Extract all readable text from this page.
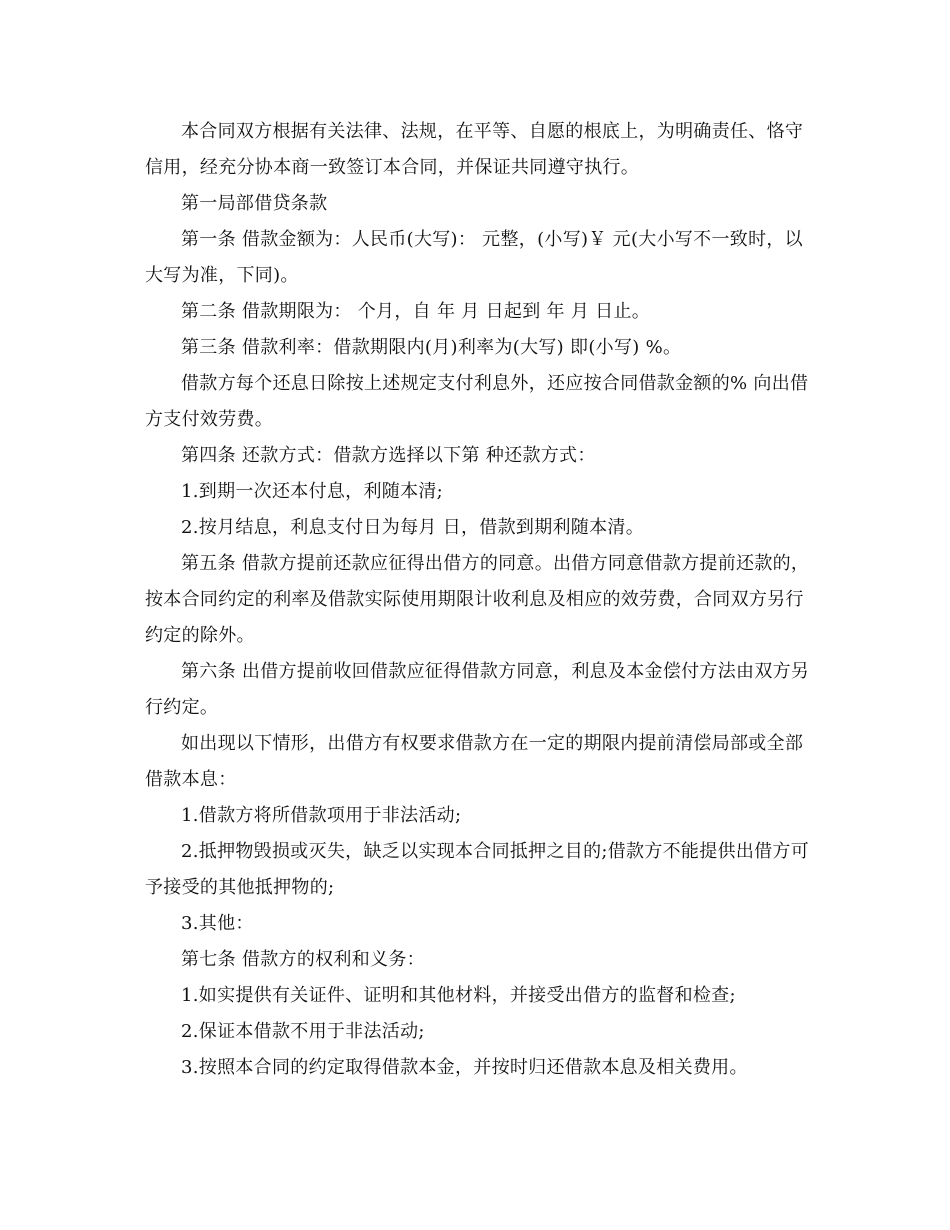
本合同双方根据有关法律、法规，在平等、自愿的根底上，为明确责任、恪守信用，经充分协本商一致签订本合同，并保证共同遵守执行。

第一局部借贷条款

第一条 借款金额为：人民币(大写)： 元整，(小写)￥ 元(大小写不一致时，以大写为准，下同)。

第二条 借款期限为： 个月，自 年 月 日起到 年 月 日止。

第三条 借款利率：借款期限内(月)利率为(大写) 即(小写) %。

借款方每个还息日除按上述规定支付利息外，还应按合同借款金额的% 向出借方支付效劳费。

第四条 还款方式：借款方选择以下第 种还款方式：

1.到期一次还本付息，利随本清;

2.按月结息，利息支付日为每月 日，借款到期利随本清。

第五条 借款方提前还款应征得出借方的同意。出借方同意借款方提前还款的，按本合同约定的利率及借款实际使用期限计收利息及相应的效劳费，合同双方另行约定的除外。

第六条 出借方提前收回借款应征得借款方同意，利息及本金偿付方法由双方另行约定。

如出现以下情形，出借方有权要求借款方在一定的期限内提前清偿局部或全部借款本息：

1.借款方将所借款项用于非法活动;

2.抵押物毁损或灭失，缺乏以实现本合同抵押之目的;借款方不能提供出借方可予接受的其他抵押物的;

3.其他：

第七条 借款方的权利和义务：

1.如实提供有关证件、证明和其他材料，并接受出借方的监督和检查;

2.保证本借款不用于非法活动;

3.按照本合同的约定取得借款本金，并按时归还借款本息及相关费用。
